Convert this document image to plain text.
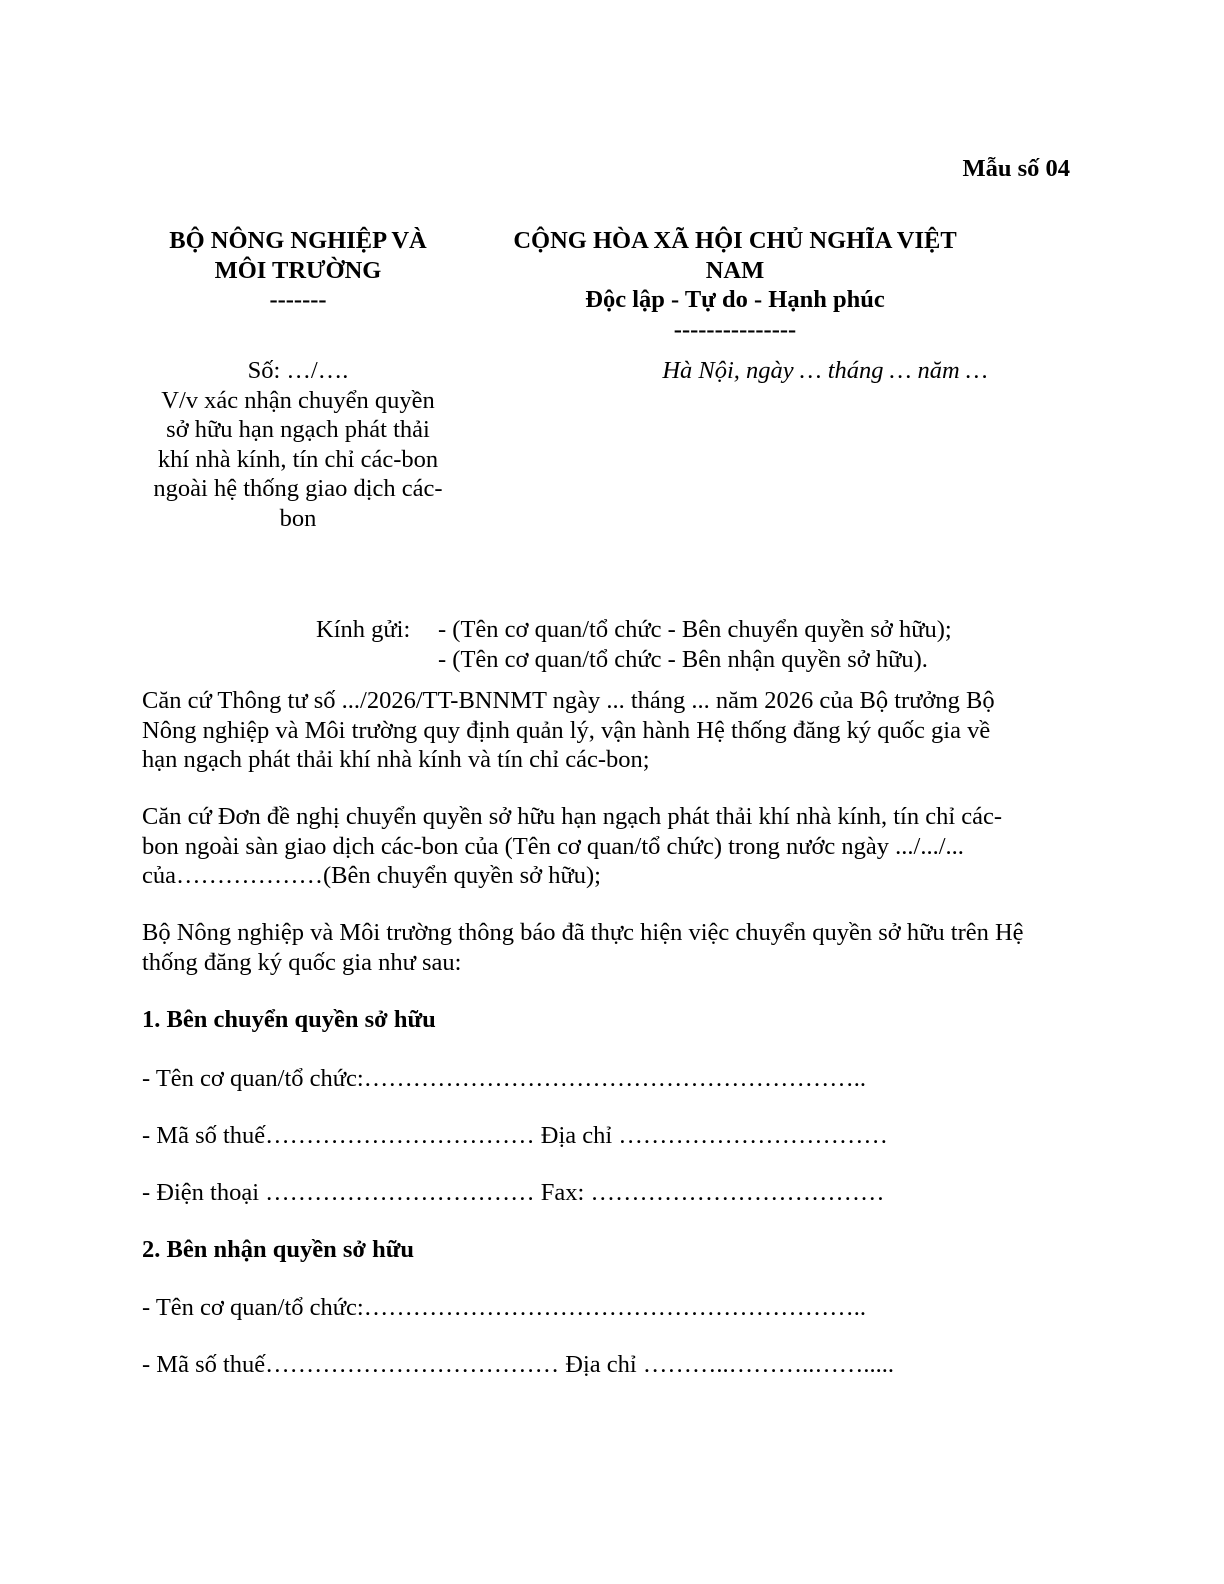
Mẫu số 04
BỘ NÔNG NGHIỆP VÀ
MÔI TRƯỜNG
-------
CỘNG HÒA XÃ HỘI CHỦ NGHĨA VIỆT
NAM
Độc lập - Tự do - Hạnh phúc
---------------
Số: …/….
V/v xác nhận chuyển quyền
sở hữu hạn ngạch phát thải
khí nhà kính, tín chỉ các-bon
ngoài hệ thống giao dịch các-
bon
Hà Nội, ngày … tháng … năm …
Kính gửi: - (Tên cơ quan/tổ chức - Bên chuyển quyền sở hữu);
- (Tên cơ quan/tổ chức - Bên nhận quyền sở hữu).
Căn cứ Thông tư số .../2026/TT-BNNMT ngày ... tháng ... năm 2026 của Bộ trưởng Bộ
Nông nghiệp và Môi trường quy định quản lý, vận hành Hệ thống đăng ký quốc gia về
hạn ngạch phát thải khí nhà kính và tín chỉ các-bon;
Căn cứ Đơn đề nghị chuyển quyền sở hữu hạn ngạch phát thải khí nhà kính, tín chỉ các-
bon ngoài sàn giao dịch các-bon của (Tên cơ quan/tổ chức) trong nước ngày .../.../...
của………………(Bên chuyển quyền sở hữu);
Bộ Nông nghiệp và Môi trường thông báo đã thực hiện việc chuyển quyền sở hữu trên Hệ
thống đăng ký quốc gia như sau:
1. Bên chuyển quyền sở hữu
- Tên cơ quan/tổ chức:……………………………………………………..
- Mã số thuế…………………………… Địa chỉ ……………………………
- Điện thoại …………………………… Fax: ………………………………
2. Bên nhận quyền sở hữu
- Tên cơ quan/tổ chức:……………………………………………………..
- Mã số thuế……………………………… Địa chỉ ………..………..…….....
